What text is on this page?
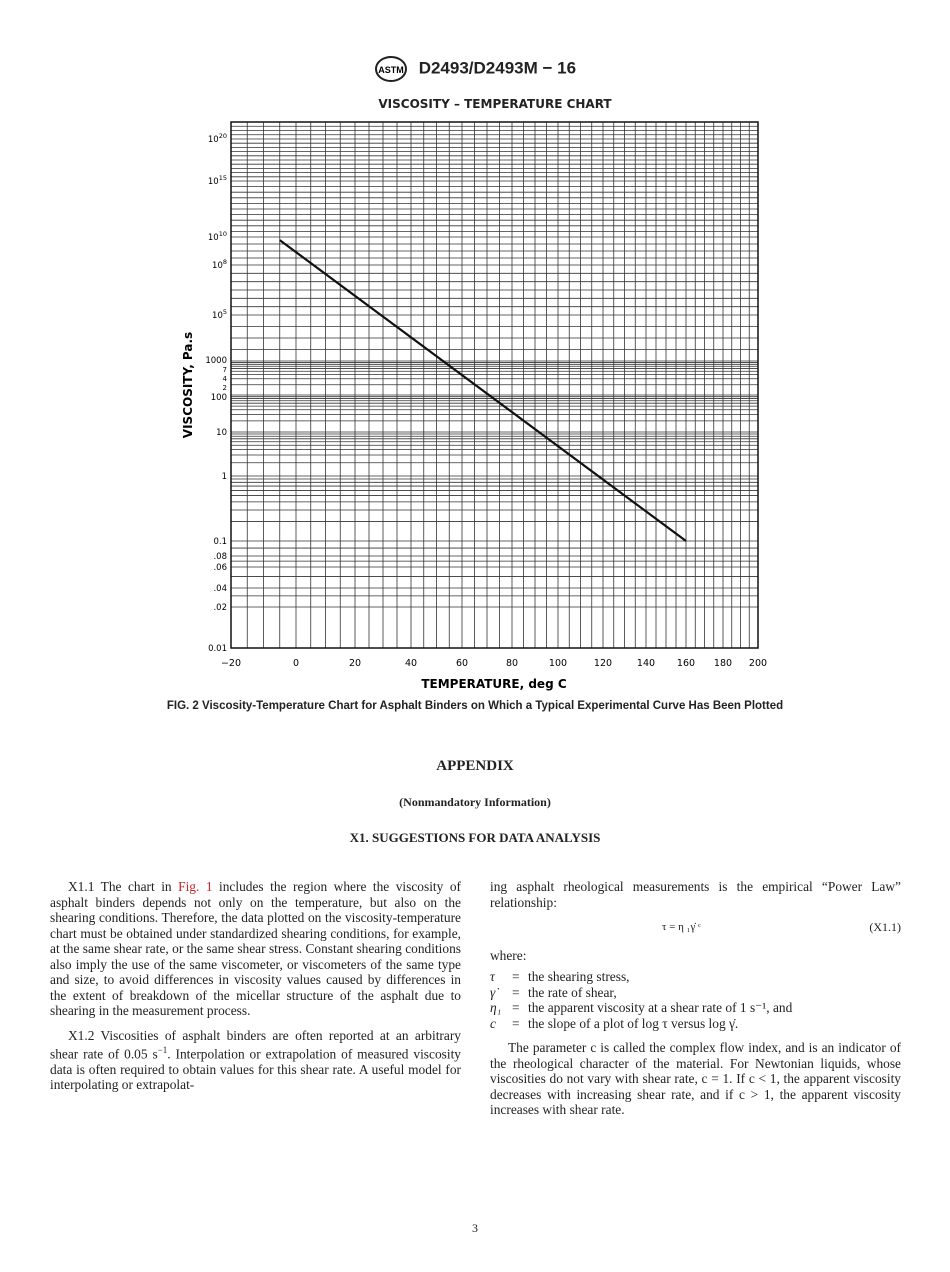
ASTM D2493/D2493M − 16
VISCOSITY – TEMPERATURE CHART
−20	0	20	40	60	80	100	120	140 160 180 200
$10^{20}$
$10^{15}$
$10^{10}$
$10^8$
$10^5$
1000
7
4
2
100
10
1
0.1
.08
.06
.04
.02
0.01
TEMPERATURE, deg C
VISCOSITY, Pa.s
FIG. 2 Viscosity-Temperature Chart for Asphalt Binders on Which a Typical Experimental Curve Has Been Plotted
APPENDIX
(Nonmandatory Information)
X1. SUGGESTIONS FOR DATA ANALYSIS

X1.1 The chart in Fig. 1 includes the region where the viscosity of asphalt binders depends not only on the temperature, but also on the shearing conditions. Therefore, the data plotted on the viscosity-temperature chart must be obtained under standardized shearing conditions, for example, at the same shear rate, or the same shear stress. Constant shearing conditions also imply the use of the same viscometer, or viscometers of the same type and size, to avoid differences in viscosity values caused by differences in the extent of breakdown of the micellar structure of the asphalt due to shearing in the measurement process.

X1.2 Viscosities of asphalt binders are often reported at an arbitrary shear rate of 0.05 $s^{-1}$. Interpolation or extrapolation of measured viscosity data is often required to obtain values for this shear rate. A useful model for interpolating or extrapolat-

ing asphalt rheological measurements is the empirical “Power Law” relationship:
τ = η ₁γ̇ ᶜ	(X1.1)
where:
τ	= the shearing stress,
γ̇	= the rate of shear,
η₁ = the apparent viscosity at a shear rate of 1 s⁻¹, and
c	= the slope of a plot of log τ versus log γ̇.

The parameter c is called the complex flow index, and is an indicator of the rheological character of the material. For Newtonian liquids, whose viscosities do not vary with shear rate, c = 1. If c < 1, the apparent viscosity decreases with increasing shear rate, and if c > 1, the apparent viscosity increases with shear rate.

3
